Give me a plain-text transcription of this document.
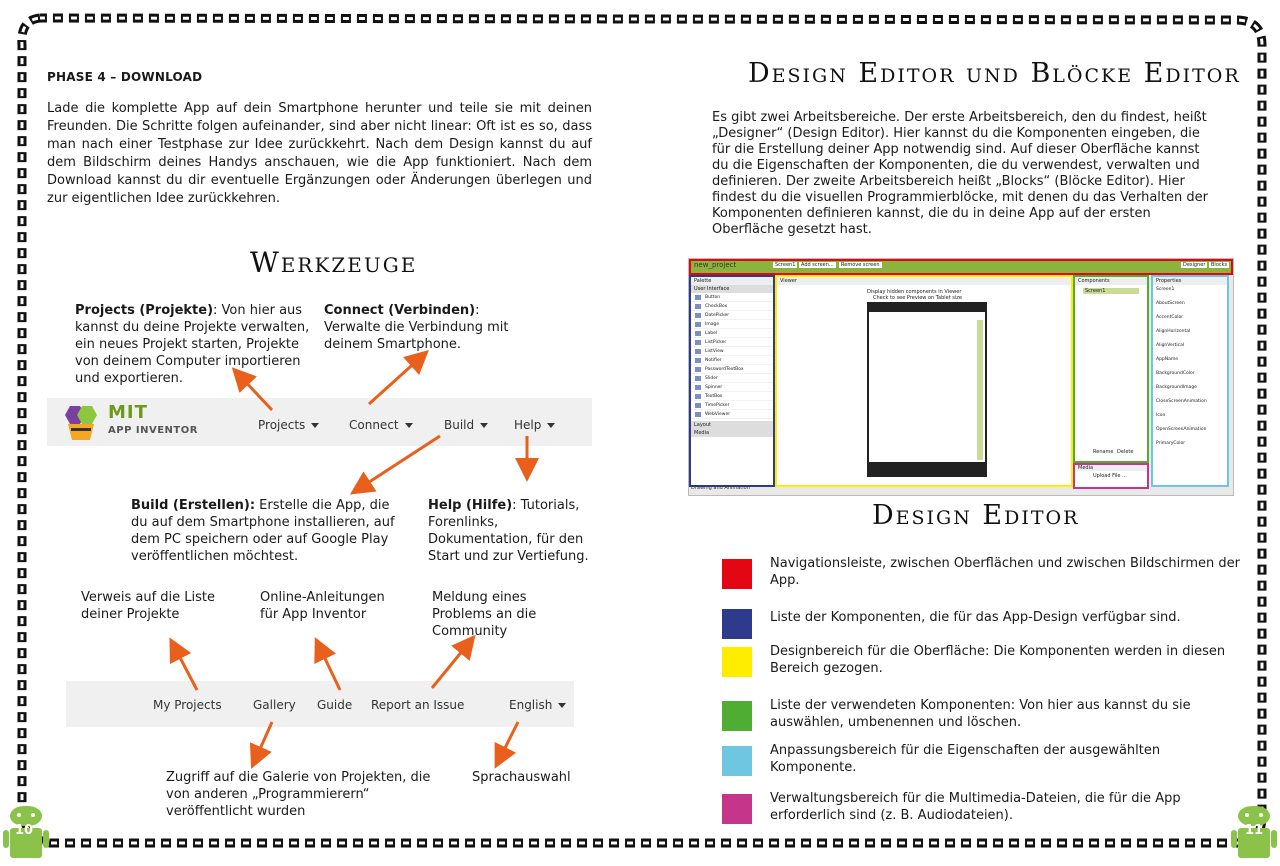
10	11
PHASE 4 – DOWNLOAD
Lade die komplette App auf dein Smartphone herunter und teile sie mit deinen Freunden. Die Schritte folgen aufeinander, sind aber nicht linear: Oft ist es so, dass man nach einer Testphase zur Idee zurückkehrt. Nach dem Design kannst du auf dem Bildschirm deines Handys anschauen, wie die App funktioniert. Nach dem Download kannst du dir eventuelle Ergänzungen oder Änderungen überlegen und zur eigentlichen Idee zurückkehren.
Werkzeuge
Projects (Projekte): Von hier aus kannst du deine Projekte verwalten, ein neues Projekt starten, Projekte von deinem Computer importieren und exportieren.
Connect (Verbinden): Verwalte die Verbindung mit deinem Smartphone.
MIT
APP INVENTOR	Projects	Connect	Build	Help
Build (Erstellen): Erstelle die App, die du auf dem Smartphone installieren, auf dem PC speichern oder auf Google Play veröffentlichen möchtest.
Help (Hilfe): Tutorials, Forenlinks, Dokumentation, für den Start und zur Vertiefung.
Verweis auf die Liste deiner Projekte
Online-Anleitungen für App Inventor
Meldung eines Problems an die Community
My Projects	Gallery Guide Report an Issue	English
Zugriff auf die Galerie von Projekten, die von anderen „Programmierern“ veröffentlicht wurden
Sprachauswahl
Design Editor und Blöcke Editor
Es gibt zwei Arbeitsbereiche. Der erste Arbeitsbereich, den du findest, heißt „Designer“ (Design Editor). Hier kannst du die Komponenten eingeben, die für die Erstellung deiner App notwendig sind. Auf dieser Oberfläche kannst du die Eigenschaften der Komponenten, die du verwendest, verwalten und definieren. Der zweite Arbeitsbereich heißt „Blocks“ (Blöcke Editor). Hier findest du die visuellen Programmierblöcke, mit denen du das Verhalten der Komponenten definieren kannst, die du in deine App auf der ersten Oberfläche gesetzt hast.
new_project	Screen1	Add screen...	Remove screen	Designer	Blocks
Palette
User Interface
Button
CheckBox
DatePicker
Image
Label
ListPicker
ListView
Notifier
PasswordTextBox
Slider
Spinner
TextBox
TimePicker
WebViewer
Layout
Media
Drawing and Animation
Viewer
Display hidden components in Viewer
Check to see Preview on Tablet size
Components
Screen1
Rename Delete
Media
Upload File ...
Properties
Screen1
AboutScreen
AccentColor
AlignHorizontal
AlignVertical
AppName
BackgroundColor
BackgroundImage
CloseScreenAnimation
Icon
OpenScreenAnimation
PrimaryColor
Design Editor
Navigationsleiste, zwischen Oberflächen und zwischen Bildschirmen der App.
Liste der Komponenten, die für das App-Design verfügbar sind.
Designbereich für die Oberfläche: Die Komponenten werden in diesen Bereich gezogen.
Liste der verwendeten Komponenten: Von hier aus kannst du sie auswählen, umbenennen und löschen.
Anpassungsbereich für die Eigenschaften der ausgewählten Komponente.
Verwaltungsbereich für die Multimedia-Dateien, die für die App erforderlich sind (z. B. Audiodateien).
